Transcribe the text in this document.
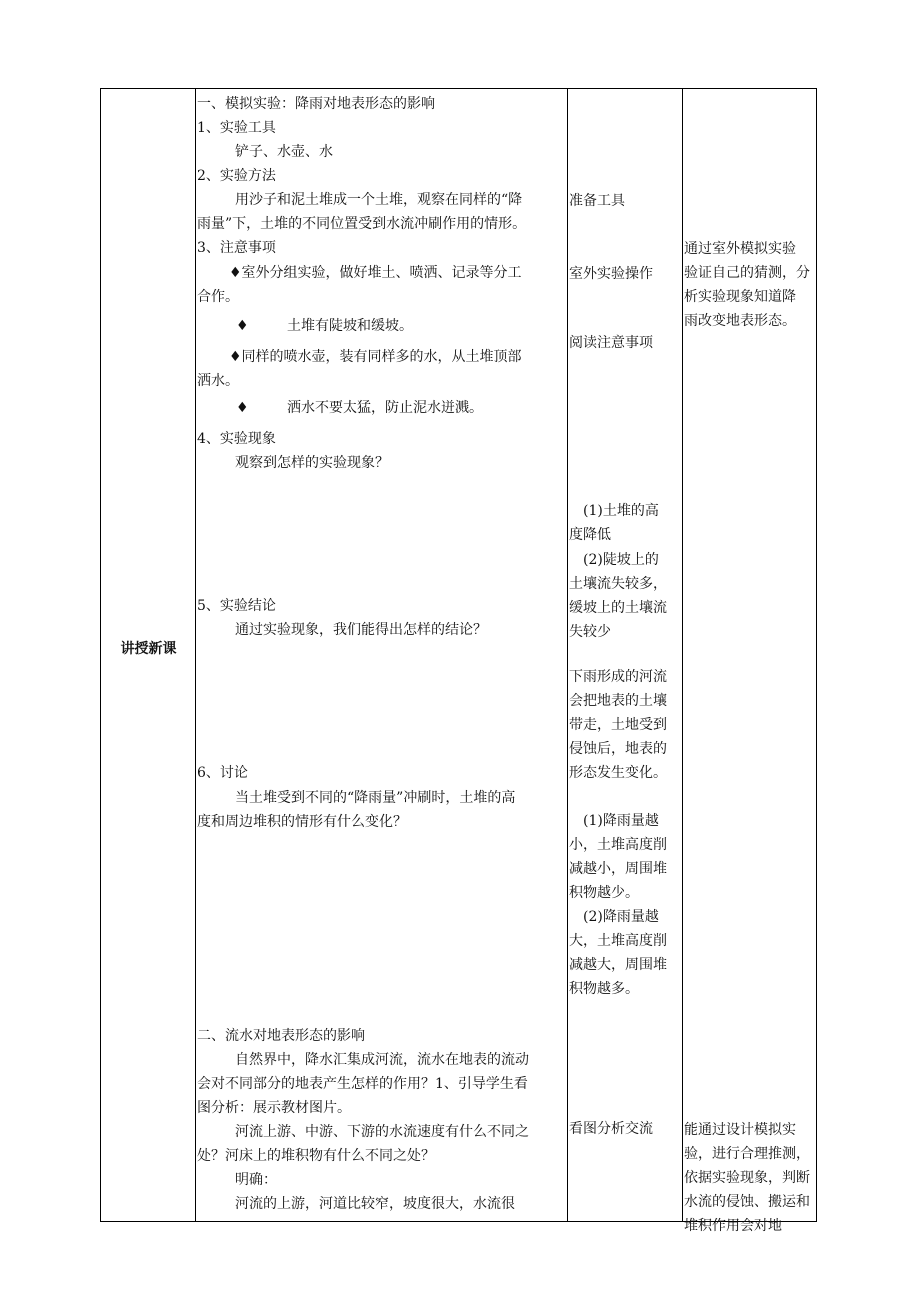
讲授新课
一、模拟实验：降雨对地表形态的影响
1、实验工具
铲子、水壶、水
2、实验方法
用沙子和泥土堆成一个土堆，观察在同样的“降
雨量”下，土堆的不同位置受到水流冲刷作用的情形。
3、注意事项
♦室外分组实验，做好堆土、喷洒、记录等分工
合作。
♦	土堆有陡坡和缓坡。
♦同样的喷水壶，装有同样多的水，从土堆顶部
洒水。
♦	洒水不要太猛，防止泥水迸溅。
4、实验现象
观察到怎样的实验现象？
5、实验结论
通过实验现象，我们能得出怎样的结论？
6、讨论
当土堆受到不同的“降雨量”冲刷时，土堆的高
度和周边堆积的情形有什么变化？
二、流水对地表形态的影响
自然界中，降水汇集成河流，流水在地表的流动
会对不同部分的地表产生怎样的作用？1、引导学生看
图分析：展示教材图片。
河流上游、中游、下游的水流速度有什么不同之
处？河床上的堆积物有什么不同之处？
明确：
河流的上游，河道比较窄，坡度很大，水流很
准备工具
室外实验操作
阅读注意事项
(1)土堆的高
度降低
(2)陡坡上的
土壤流失较多，
缓坡上的土壤流
失较少
下雨形成的河流
会把地表的土壤
带走，土地受到
侵蚀后，地表的
形态发生变化。
(1)降雨量越
小，土堆高度削
减越小，周围堆
积物越少。
(2)降雨量越
大，土堆高度削
减越大，周围堆
积物越多。
看图分析交流
通过室外模拟实验
验证自己的猜测，分
析实验现象知道降
雨改变地表形态。
能通过设计模拟实
验，进行合理推测，
依据实验现象，判断
水流的侵蚀、搬运和
堆积作用会对地
